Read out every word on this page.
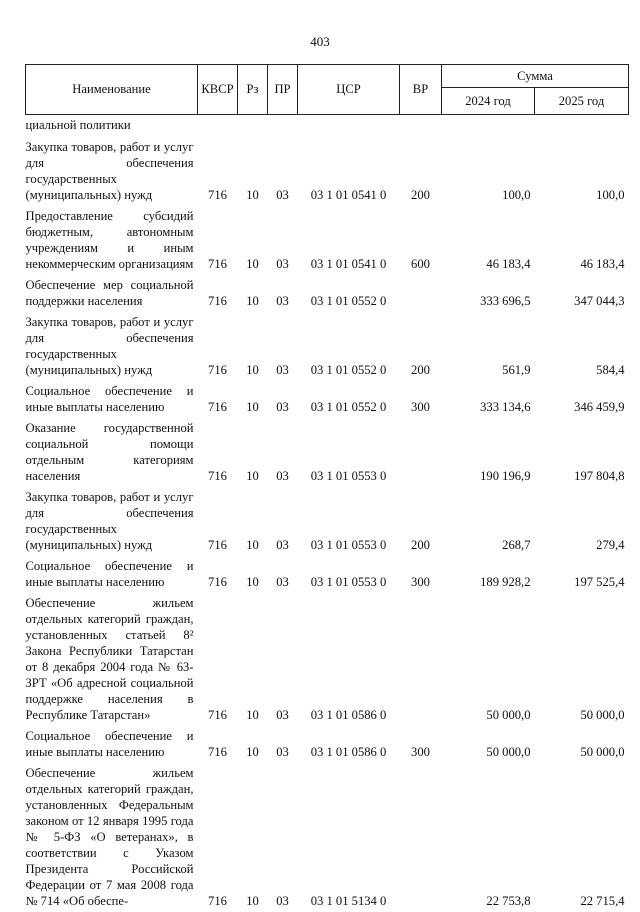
403
Наименование	КВСР	Рз	ПР	ЦСР	ВР	Сумма	
						2024 год	2025 год
циальной политики							
Закупка товаров, работ и услуг для обеспечения государственных (муниципальных) нужд	716	10	03	03 1 01 0541 0	200	100,0	100,0
Предоставление субсидий бюджетным, автономным учреждениям и иным некоммерческим организациям	716	10	03	03 1 01 0541 0	600	46 183,4	46 183,4
Обеспечение мер социальной поддержки населения	716	10	03	03 1 01 0552 0		333 696,5	347 044,3
Закупка товаров, работ и услуг для обеспечения государственных (муниципальных) нужд	716	10	03	03 1 01 0552 0	200	561,9	584,4
Социальное обеспечение и иные выплаты населению	716	10	03	03 1 01 0552 0	300	333 134,6	346 459,9
Оказание государственной социальной помощи отдельным категориям населения	716	10	03	03 1 01 0553 0		190 196,9	197 804,8
Закупка товаров, работ и услуг для обеспечения государственных (муниципальных) нужд	716	10	03	03 1 01 0553 0	200	268,7	279,4
Социальное обеспечение и иные выплаты населению	716	10	03	03 1 01 0553 0	300	189 928,2	197 525,4
Обеспечение жильем отдельных категорий граждан, установленных статьей 8² Закона Республики Татарстан от 8 декабря 2004 года № 63-ЗРТ «Об адресной социальной поддержке населения в Республике Татарстан»	716	10	03	03 1 01 0586 0		50 000,0	50 000,0
Социальное обеспечение и иные выплаты населению	716	10	03	03 1 01 0586 0	300	50 000,0	50 000,0
Обеспечение жильем отдельных категорий граждан, установленных Федеральным законом от 12 января 1995 года № 5-ФЗ «О ветеранах», в соответствии с Указом Президента Российской Федерации от 7 мая 2008 года № 714 «Об обеспе-	716	10	03	03 1 01 5134 0		22 753,8	22 715,4
